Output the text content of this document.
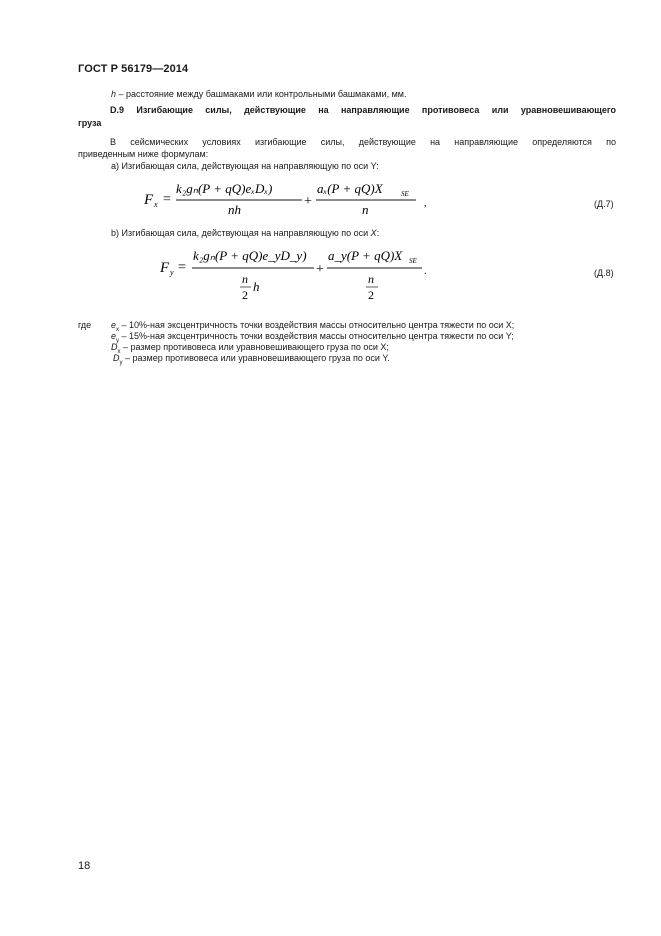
ГОСТ Р 56179—2014
h – расстояние между башмаками или контрольными башмаками, мм.
D.9 Изгибающие силы, действующие на направляющие противовеса или уравновешивающего
груза
В сейсмических условиях изгибающие силы, действующие на направляющие определяются по
приведенным ниже формулам:
a) Изгибающая сила, действующая на направляющую по оси Y:
F x =
k₂gₙ(P + qQ)eₓDₓ)
nh
+
aₓ(P + qQ)X	SE
n	,	(Д.7)
b) Изгибающая сила, действующая на направляющую по оси X:
F y =
k₂gₙ(P + qQ)e_yD_y)
n
2
h
+
a_y(P + qQ)X SE
n
2
.	(Д.8)
где $e_x - 10\%-ная$ эксцентричность точки воздействия массы относительно центра тяжести по оси X;
$e_y - 15\%-ная$ эксцентричность точки воздействия массы относительно центра тяжести по оси Y;
$D_x$ – размер противовеса или уравновешивающего груза по оси X;
$D_y$ – размер противовеса или уравновешивающего груза по оси Y.
18
